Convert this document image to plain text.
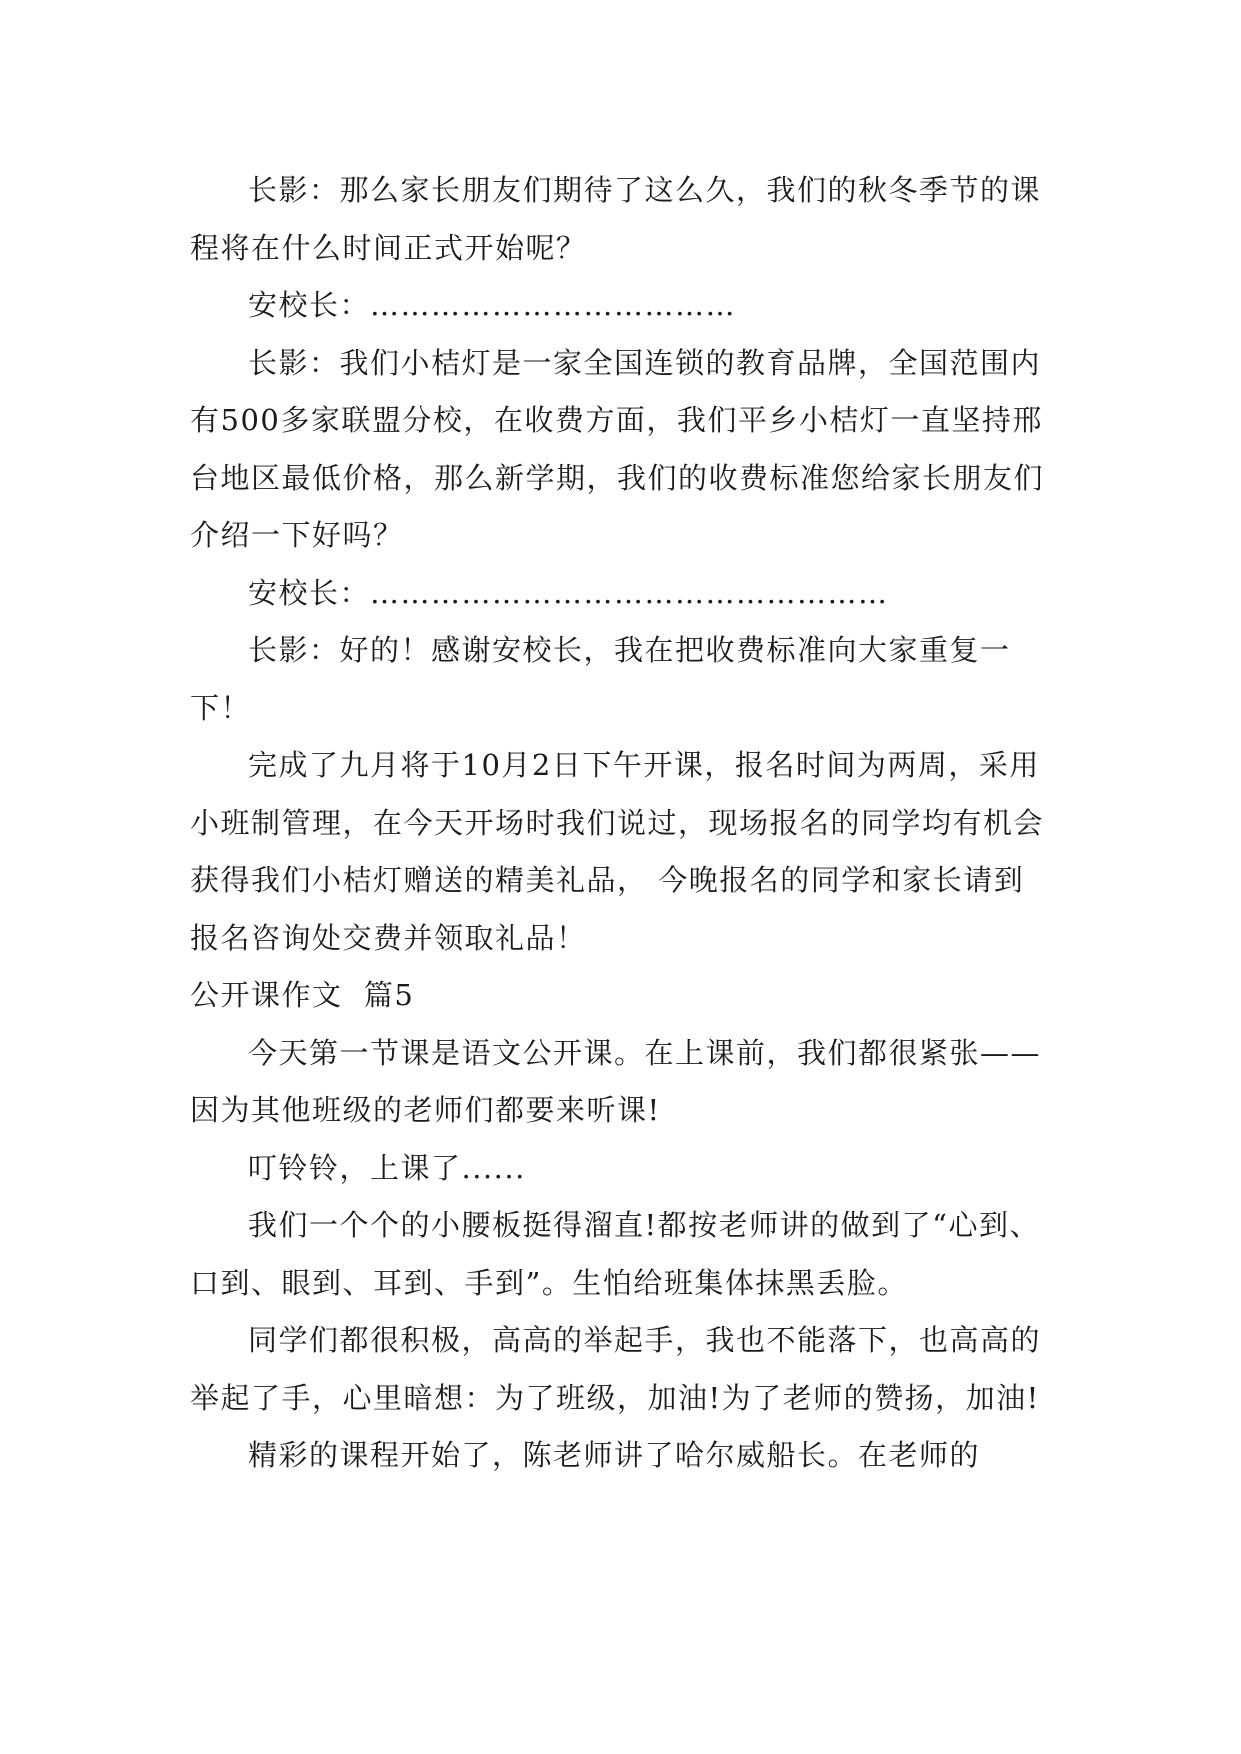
长影：那么家长朋友们期待了这么久，我们的秋冬季节的课程将在什么时间正式开始呢？

安校长：………………………………

长影：我们小桔灯是一家全国连锁的教育品牌，全国范围内有500多家联盟分校，在收费方面，我们平乡小桔灯一直坚持邢台地区最低价格，那么新学期，我们的收费标准您给家长朋友们介绍一下好吗？

安校长：……………………………………………

长影：好的！感谢安校长，我在把收费标准向大家重复一下！

完成了九月将于10月2日下午开课，报名时间为两周，采用小班制管理，在今天开场时我们说过，现场报名的同学均有机会获得我们小桔灯赠送的精美礼品， 今晚报名的同学和家长请到报名咨询处交费并领取礼品！

公开课作文  篇5

今天第一节课是语文公开课。在上课前，我们都很紧张——因为其他班级的老师们都要来听课!

叮铃铃，上课了......

我们一个个的小腰板挺得溜直!都按老师讲的做到了“心到、口到、眼到、耳到、手到”。生怕给班集体抹黑丢脸。

同学们都很积极，高高的举起手，我也不能落下，也高高的举起了手，心里暗想：为了班级，加油!为了老师的赞扬，加油!

精彩的课程开始了，陈老师讲了哈尔威船长。在老师的
